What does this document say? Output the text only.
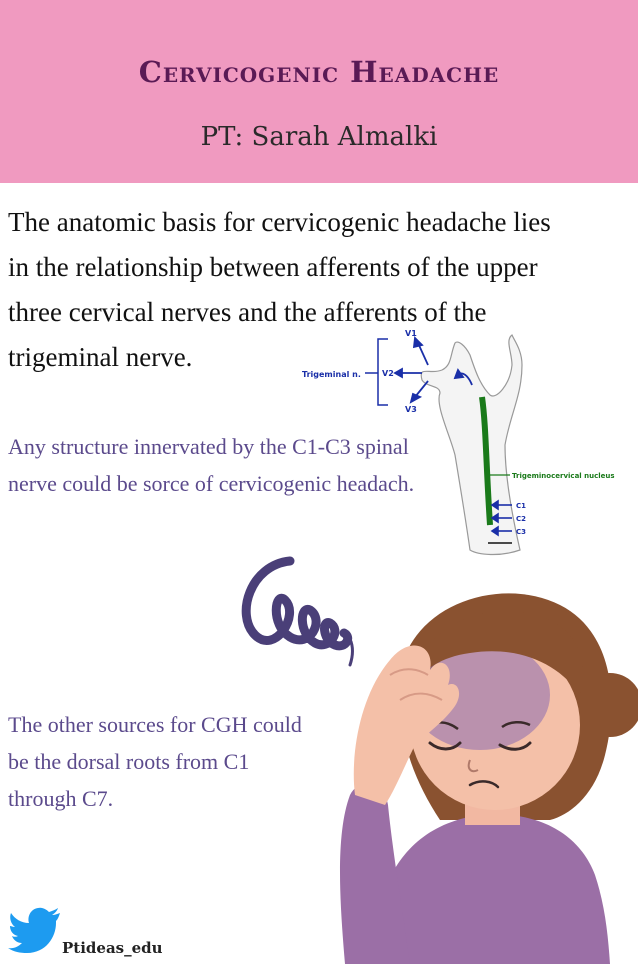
Cervicogenic Headache
PT: Sarah Almalki
The anatomic basis for cervicogenic headache lies in the relationship between afferents of the upper three cervical nerves and the afferents of the trigeminal nerve.
Trigeminal n.
V1
V2
V3
Trigeminocervical nucleus
C1
C2
C3
Any structure innervated by the C1-C3 spinal nerve could be sorce of cervicogenic headach.
The other sources for CGH could be the dorsal roots from C1 through C7.
Ptideas_edu
